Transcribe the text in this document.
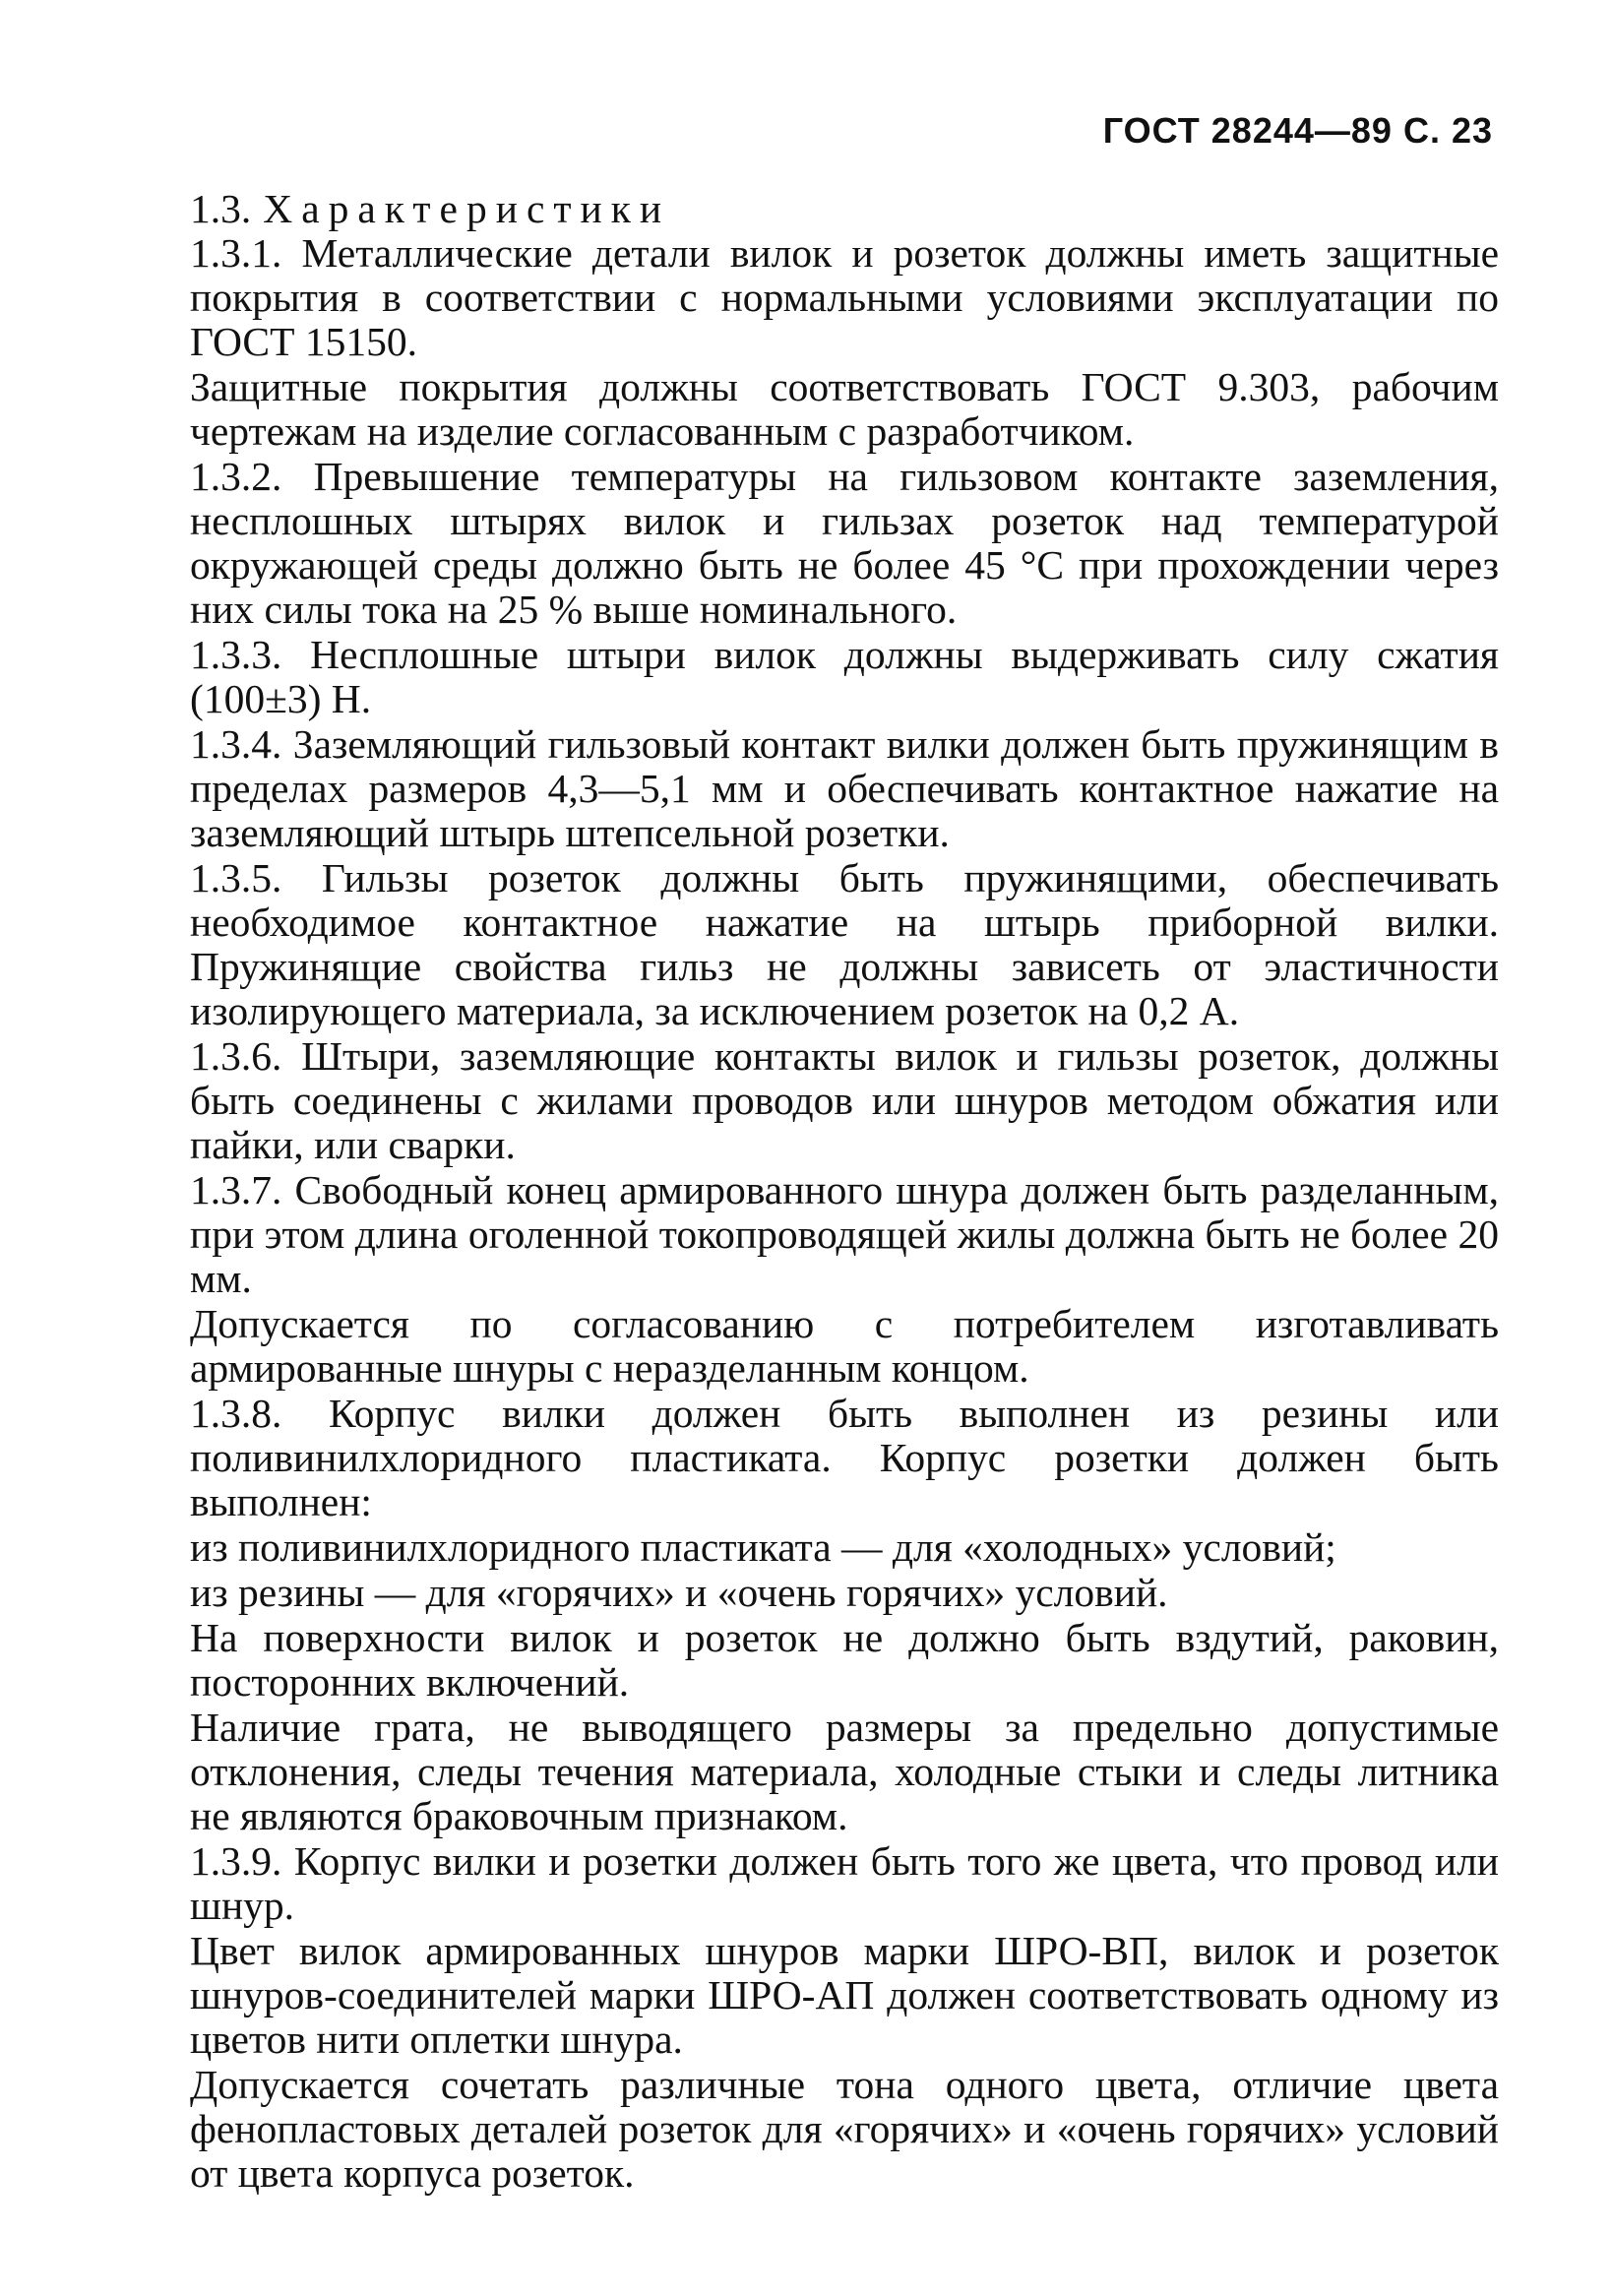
ГОСТ 28244—89 С. 23
1.3. Характеристики

1.3.1. Металлические детали вилок и розеток должны иметь защитные покрытия в соответствии с нормальными условиями эксплуатации по ГОСТ 15150.

Защитные покрытия должны соответствовать ГОСТ 9.303, рабочим чертежам на изделие согласованным с разработчиком.

1.3.2. Превышение температуры на гильзовом контакте заземления, несплошных штырях вилок и гильзах розеток над температурой окружающей среды должно быть не более 45 °С при прохождении через них силы тока на 25 % выше номинального.

1.3.3. Несплошные штыри вилок должны выдерживать силу сжатия (100±3) Н.

1.3.4. Заземляющий гильзовый контакт вилки должен быть пружинящим в пределах размеров 4,3—5,1 мм и обеспечивать контактное нажатие на заземляющий штырь штепсельной розетки.

1.3.5. Гильзы розеток должны быть пружинящими, обеспечивать необходимое контактное нажатие на штырь приборной вилки. Пружинящие свойства гильз не должны зависеть от эластичности изолирующего материала, за исключением розеток на 0,2 А.

1.3.6. Штыри, заземляющие контакты вилок и гильзы розеток, должны быть соединены с жилами проводов или шнуров методом обжатия или пайки, или сварки.

1.3.7. Свободный конец армированного шнура должен быть разделанным, при этом длина оголенной токопроводящей жилы должна быть не более 20 мм.

Допускается по согласованию с потребителем изготавливать армированные шнуры с неразделанным концом.

1.3.8. Корпус вилки должен быть выполнен из резины или поливинилхлоридного пластиката. Корпус розетки должен быть выполнен:

из поливинилхлоридного пластиката — для «холодных» условий;

из резины — для «горячих» и «очень горячих» условий.

На поверхности вилок и розеток не должно быть вздутий, раковин, посторонних включений.

Наличие грата, не выводящего размеры за предельно допустимые отклонения, следы течения материала, холодные стыки и следы литника не являются браковочным признаком.

1.3.9. Корпус вилки и розетки должен быть того же цвета, что провод или шнур.

Цвет вилок армированных шнуров марки ШРО-ВП, вилок и розеток шнуров-соединителей марки ШРО-АП должен соответствовать одному из цветов нити оплетки шнура.

Допускается сочетать различные тона одного цвета, отличие цвета фенопластовых деталей розеток для «горячих» и «очень горячих» условий от цвета корпуса розеток.
